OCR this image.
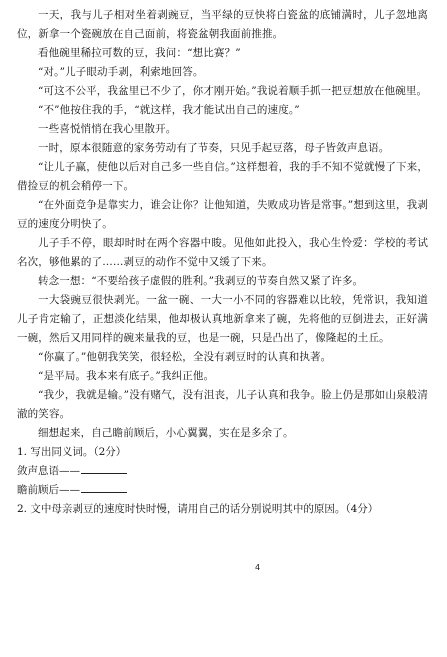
一天，我与儿子相对坐着剥豌豆，当平绿的豆快将白瓷盆的底铺满时，儿子忽地离位，新拿一个瓷碗放在自己面前，将瓷盆朝我面前推推。

看他碗里稀拉可数的豆，我问：“想比赛？”

“对。”儿子眼动手剥，利索地回答。

“可这不公平，我盆里已不少了，你才刚开始。”我说着顺手抓一把豆想放在他碗里。

“不”他按住我的手，“就这样，我才能试出自己的速度。”

一些喜悦悄悄在我心里散开。

一时，原本很随意的家务劳动有了节奏，只见手起豆落，母子皆敛声息语。

“让儿子赢，使他以后对自己多一些自信。”这样想着，我的手不知不觉就慢了下来，借捡豆的机会稍停一下。

“在外面竞争是靠实力，谁会让你？让他知道，失败成功皆是常事。”想到这里，我剥豆的速度分明快了。

儿子手不停，眼却时时在两个容器中睃。见他如此投入，我心生怜爱：学校的考试名次，够他累的了……剥豆的动作不觉中又缓了下来。

转念一想：“不要给孩子虚假的胜利。”我剥豆的节奏自然又紧了许多。

一大袋豌豆很快剥光。一盆一碗、一大一小不同的容器难以比较，凭常识，我知道儿子肯定输了，正想淡化结果，他却极认真地新拿来了碗，先将他的豆倒进去，正好满一碗，然后又用同样的碗来量我的豆，也是一碗，只是凸出了，像隆起的土丘。

“你赢了。”他朝我笑笑，很轻松，全没有剥豆时的认真和执著。

“是平局。我本来有底子。”我纠正他。

“我少，我就是输。”没有赌气，没有沮丧，儿子认真和我争。脸上仍是那如山泉般清澈的笑容。

细想起来，自己瞻前顾后，小心翼翼，实在是多余了。

1. 写出同义词。（2分）

敛声息语——

瞻前顾后——

2. 文中母亲剥豆的速度时快时慢，请用自己的话分别说明其中的原因。（4分）

4
